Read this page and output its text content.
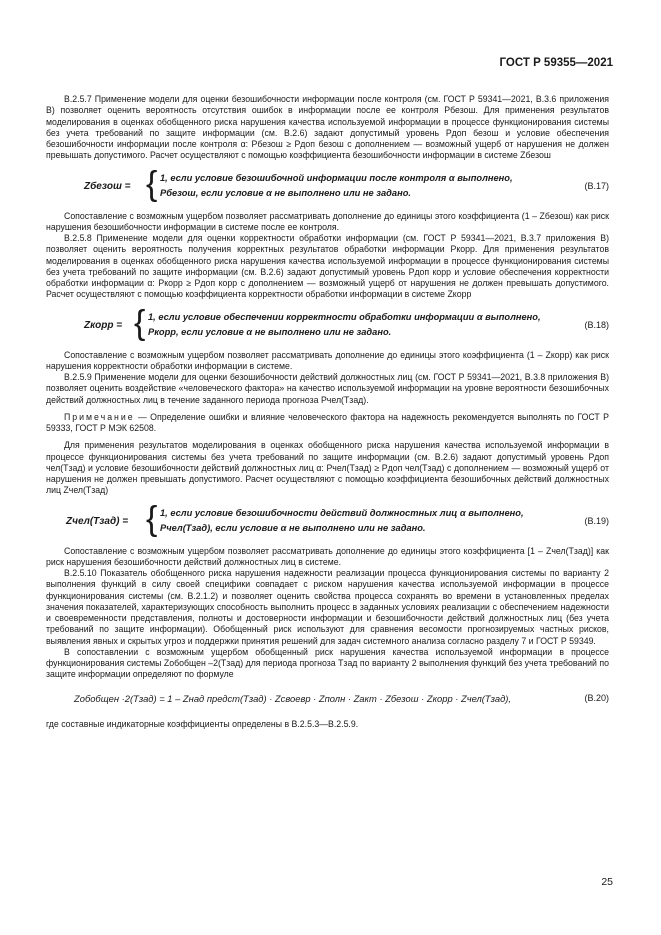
ГОСТ Р 59355—2021

В.2.5.7 Применение модели для оценки безошибочности информации после контроля (см. ГОСТ Р 59341—2021, В.3.6 приложения В) позволяет оценить вероятность отсутствия ошибок в информации после ее контроля Pбезош. Для применения результатов моделирования в оценках обобщенного риска нарушения качества используемой информации в процессе функционирования системы без учета требований по защите информации (см. В.2.6) задают допустимый уровень Pдоп безош и условие обеспечения безошибочности информации после контроля α: Pбезош ≥ Pдоп безош с дополнением — возможный ущерб от нарушения не должен превышать допустимого. Расчет осуществляют с помощью коэффициента безошибочности информации в системе Zбезош

Zбезош = { 1, если условие безошибочной информации после контроля α выполнено,
Pбезош, если условие α не выполнено или не задано.
(В.17)

Сопоставление с возможным ущербом позволяет рассматривать дополнение до единицы этого коэффициента (1 – Zбезош) как риск нарушения безошибочности информации в системе после ее контроля.

В.2.5.8 Применение модели для оценки корректности обработки информации (см. ГОСТ Р 59341—2021, В.3.7 приложения В) позволяет оценить вероятность получения корректных результатов обработки информации Pкорр. Для применения результатов моделирования в оценках обобщенного риска нарушения качества используемой информации в процессе функционирования системы без учета требований по защите информации (см. В.2.6) задают допустимый уровень Pдоп корр и условие обеспечения корректности обработки информации α: Pкорр ≥ Pдоп корр с дополнением — возможный ущерб от нарушения не должен превышать допустимого. Расчет осуществляют с помощью коэффициента корректности обработки информации в системе Zкорр

Zкорр = { 1, если условие обеспечении корректности обработки информации α выполнено,
Pкорр, если условие α не выполнено или не задано.
(В.18)

Сопоставление с возможным ущербом позволяет рассматривать дополнение до единицы этого коэффициента (1 – Zкорр) как риск нарушения корректности обработки информации в системе.

В.2.5.9 Применение модели для оценки безошибочности действий должностных лиц (см. ГОСТ Р 59341—2021, В.3.8 приложения В) позволяет оценить воздействие «человеческого фактора» на качество используемой информации на уровне вероятности безошибочных действий должностных лиц в течение заданного периода прогноза Pчел(Tзад).

Примечание — Определение ошибки и влияние человеческого фактора на надежность рекомендуется выполнять по ГОСТ Р 59333, ГОСТ Р МЭК 62508.

Для применения результатов моделирования в оценках обобщенного риска нарушения качества используемой информации в процессе функционирования системы без учета требований по защите информации (см. В.2.6) задают допустимый уровень Pдоп чел(Tзад) и условие безошибочности действий должностных лиц α: Pчел(Tзад) ≥ Pдоп чел(Tзад) с дополнением — возможный ущерб от нарушения не должен превышать допустимого. Расчет осуществляют с помощью коэффициента безошибочных действий должностных лиц Zчел(Tзад)

Zчел(Tзад) = { 1, если условие безошибочности действий должностных лиц α выполнено,
Pчел(Tзад), если условие α не выполнено или не задано.
(В.19)

Сопоставление с возможным ущербом позволяет рассматривать дополнение до единицы этого коэффициента [1 – Zчел(Tзад)] как риск нарушения безошибочности действий должностных лиц в системе.

В.2.5.10 Показатель обобщенного риска нарушения надежности реализации процесса функционирования системы по варианту 2 выполнения функций в силу своей специфики совпадает с риском нарушения качества используемой информации в процессе функционирования системы (см. В.2.1.2) и позволяет оценить свойства процесса сохранять во времени в установленных пределах значения показателей, характеризующих способность выполнить процесс в заданных условиях реализации с обеспечением надежности и своевременности представления, полноты и достоверности информации и безошибочности действий должностных лиц (без учета требований по защите информации). Обобщенный риск используют для сравнения весомости прогнозируемых частных рисков, выявления явных и скрытых угроз и поддержки принятия решений для задач системного анализа согласно разделу 7 и ГОСТ Р 59349.

В сопоставлении с возможным ущербом обобщенный риск нарушения качества используемой информации в процессе функционирования системы Zобобщен –2(Tзад) для периода прогноза Tзад по варианту 2 выполнения функций без учета требований по защите информации определяют по формуле

Zобобщен ·2(Tзад) = 1 – Zнад предст(Tзад) · Zсвоевр · Zполн · Zакт · Zбезош · Zкорр · Zчел(Tзад),	(В.20)

где составные индикаторные коэффициенты определены в В.2.5.3—В.2.5.9.

25
